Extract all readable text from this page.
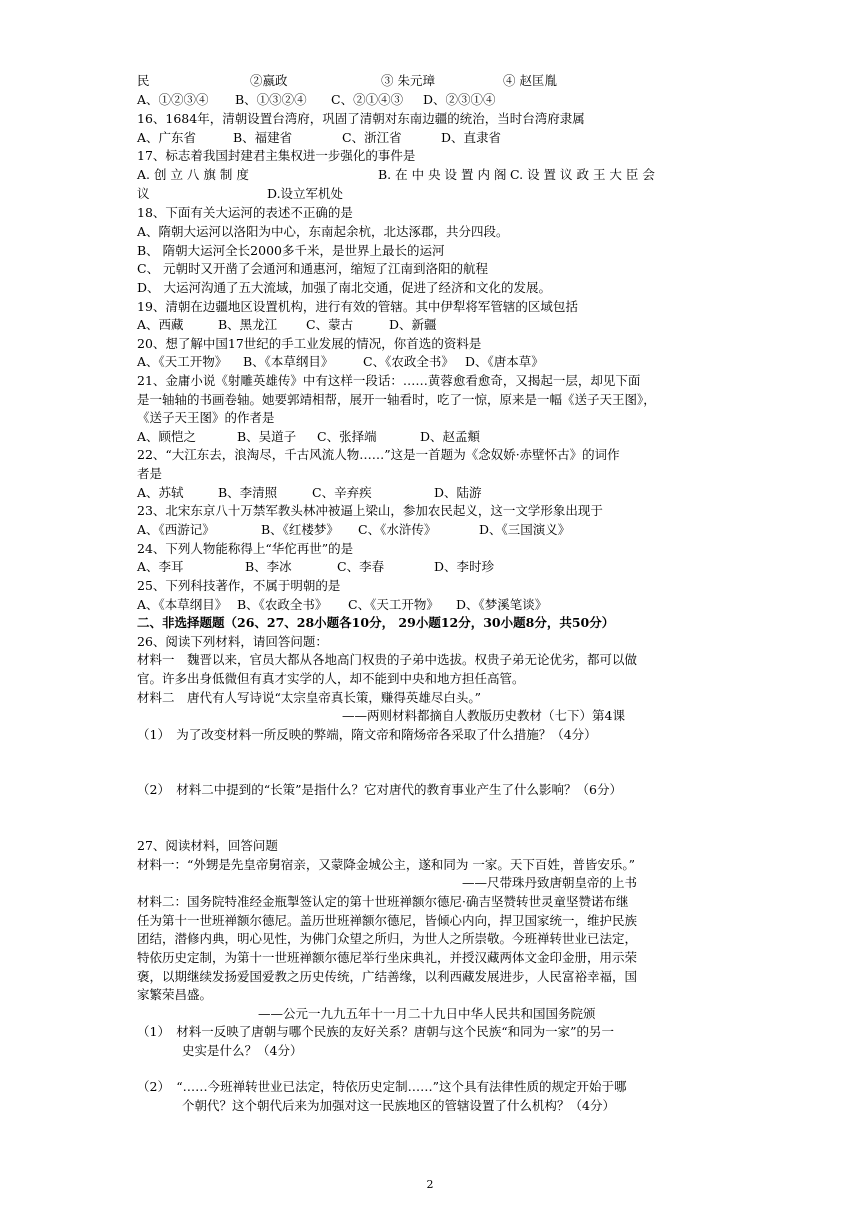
民	②嬴政	③ 朱元璋	④ 赵匡胤
A、①②③④ B、①③②④ C、②①④③ D、②③①④
16、1684年，清朝设置台湾府，巩固了清朝对东南边疆的统治，当时台湾府隶属
A、广东省	B、福建省	C、浙江省	D、直隶省
17、标志着我国封建君主集权进一步强化的事件是
A. 创 立 八 旗 制 度	B. 在 中 央 设 置 内 阁 C. 设 置 议 政 王 大 臣 会
议	D.设立军机处
18、下面有关大运河的表述不正确的是
A、隋朝大运河以洛阳为中心，东南起余杭，北达涿郡，共分四段。
B、 隋朝大运河全长2000多千米，是世界上最长的运河
C、 元朝时又开凿了会通河和通惠河，缩短了江南到洛阳的航程
D、 大运河沟通了五大流域，加强了南北交通，促进了经济和文化的发展。
19、清朝在边疆地区设置机构，进行有效的管辖。其中伊犁将军管辖的区域包括
A、西藏	B、黑龙江 C、蒙古	D、新疆
20、想了解中国17世纪的手工业发展的情况，你首选的资料是
A、《天工开物》 B、《本草纲目》 C、《农政全书》 D、《唐本草》
21、金庸小说《射雕英雄传》中有这样一段话：……黄蓉愈看愈奇，又揭起一层，却见下面
是一轴轴的书画卷轴。她要郭靖相帮，展开一轴看时，吃了一惊，原来是一幅《送子天王图》，
《送子天王图》的作者是
A、顾恺之	B、吴道子 C、张择端	D、赵孟頫
22、“大江东去，浪淘尽，千古风流人物……”这是一首题为《念奴娇·赤壁怀古》的词作
者是
A、苏轼	B、李清照	C、辛弃疾	D、陆游
23、北宋东京八十万禁军教头林冲被逼上梁山，参加农民起义，这一文学形象出现于
A、《西游记》	B、《红楼梦》 C、《水浒传》	D、《三国演义》
24、下列人物能称得上“华佗再世”的是
A、李耳	B、李冰	C、李春	D、李时珍
25、下列科技著作，不属于明朝的是
A、《本草纲目》 B、《农政全书》 C、《天工开物》 D、《梦溪笔谈》
二、非选择题题（26、27、28小题各10分， 29小题12分，30小题8分，共50分）
26、阅读下列材料，请回答问题：
材料一　魏晋以来，官员大都从各地高门权贵的子弟中选拔。权贵子弟无论优劣，都可以做
官。许多出身低微但有真才实学的人，却不能到中央和地方担任高管。
材料二　唐代有人写诗说“太宗皇帝真长策，赚得英雄尽白头。”
——两则材料都摘自人教版历史教材（七下）第4课
（1）　为了改变材料一所反映的弊端，隋文帝和隋炀帝各采取了什么措施？（4分）
（2）　材料二中提到的“长策”是指什么？它对唐代的教育事业产生了什么影响？（6分）
27、阅读材料，回答问题
材料一：“外甥是先皇帝舅宿亲，又蒙降金城公主，遂和同为 一家。天下百姓，普皆安乐。”
——尺带珠丹致唐朝皇帝的上书
材料二：国务院特准经金瓶掣签认定的第十世班禅额尔德尼·确吉坚赞转世灵童坚赞诺布继
任为第十一世班禅额尔德尼。盖历世班禅额尔德尼，皆倾心内向，捍卫国家统一，维护民族
团结，潜修内典，明心见性，为佛门众望之所归，为世人之所崇敬。今班禅转世业已法定，
特依历史定制，为第十一世班禅额尔德尼举行坐床典礼，并授汉藏两体文金印金册，用示荣
褒，以期继续发扬爱国爱教之历史传统，广结善缘，以利西藏发展进步，人民富裕幸福，国
家繁荣昌盛。
——公元一九九五年十一月二十九日中华人民共和国国务院颁
（1）　材料一反映了唐朝与哪个民族的友好关系？唐朝与这个民族“和同为一家”的另一
史实是什么？（4分）
（2）　“……今班禅转世业已法定，特依历史定制……”这个具有法律性质的规定开始于哪
个朝代？这个朝代后来为加强对这一民族地区的管辖设置了什么机构？（4分）
2
